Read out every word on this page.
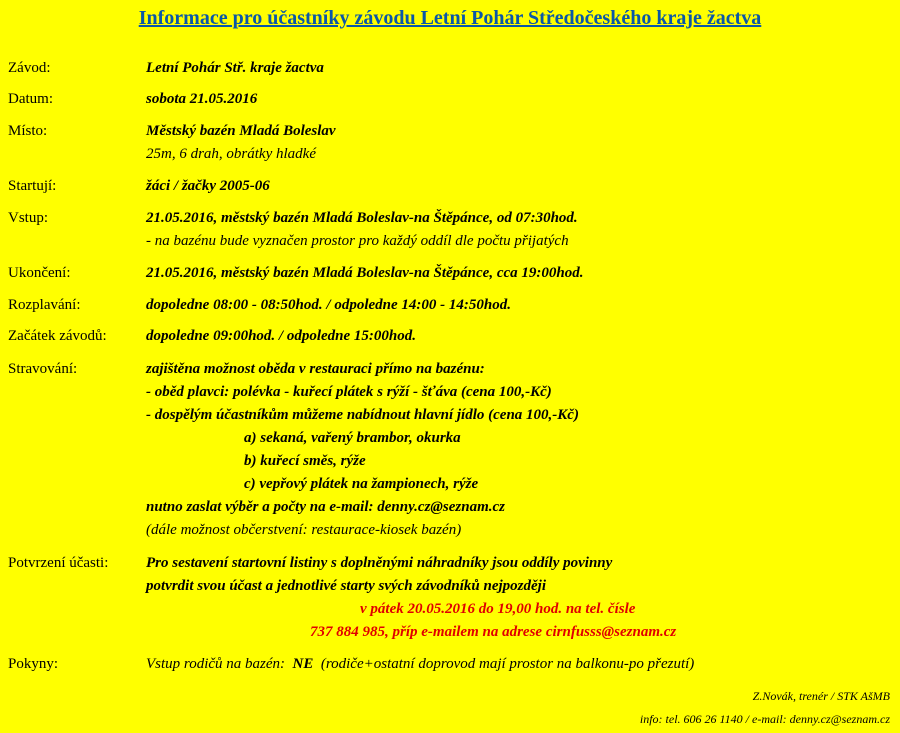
Informace pro účastníky závodu Letní Pohár Středočeského kraje žactva
Závod:	Letní Pohár Stř. kraje žactva
Datum:	sobota 21.05.2016
Místo:	Městský bazén Mladá Boleslav
25m, 6 drah, obrátky hladké
Startují:	žáci / žačky 2005-06
Vstup:	21.05.2016, městský bazén Mladá Boleslav-na Štěpánce, od 07:30hod.
- na bazénu bude vyznačen prostor pro každý oddíl dle počtu přijatých
Ukončení:	21.05.2016, městský bazén Mladá Boleslav-na Štěpánce, cca 19:00hod.
Rozplavání:	dopoledne 08:00 - 08:50hod. / odpoledne 14:00 - 14:50hod.
Začátek závodů:	dopoledne 09:00hod. / odpoledne 15:00hod.
Stravování:	zajištěna možnost oběda v restauraci přímo na bazénu:
- oběd plavci: polévka - kuřecí plátek s rýží - šťáva (cena 100,-Kč)
- dospělým účastníkům můžeme nabídnout hlavní jídlo (cena 100,-Kč)
a) sekaná, vařený brambor, okurka
b) kuřecí směs, rýže
c) vepřový plátek na žampionech, rýže
nutno zaslat výběr a počty na e-mail: denny.cz@seznam.cz
(dále možnost občerstvení: restaurace-kiosek bazén)
Potvrzení účasti:	Pro sestavení startovní listiny s doplněnými náhradníky jsou oddíly povinny
potvrdit svou účast a jednotlivé starty svých závodníků nejpozději
v pátek 20.05.2016 do 19,00 hod. na tel. čísle
737 884 985, příp e-mailem na adrese cirnfusss@seznam.cz
Pokyny:	Vstup rodičů na bazén:  NE  (rodiče+ostatní doprovod mají prostor na balkonu-po přezutí)
Z.Novák, trenér / STK AšMB
info: tel. 606 26 1140 / e-mail: denny.cz@seznam.cz
